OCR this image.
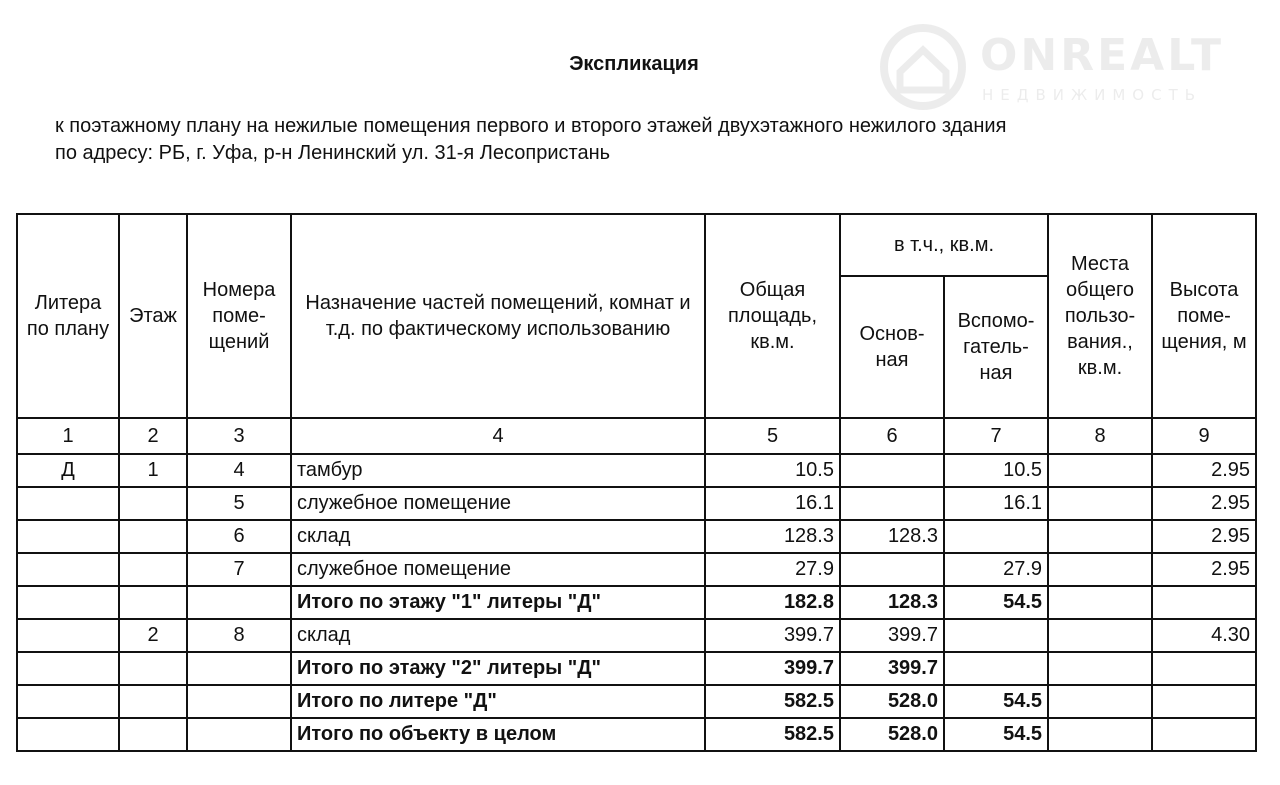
ONREALT
НЕДВИЖИМОСТЬ
Экспликация

к поэтажному плану на нежилые помещения первого и второго этажей двухэтажного нежилого здания

по адресу: РБ, г. Уфа, р-н Ленинский ул. 31-я Лесопристань

Литера по плану	Этаж	Номера поме-щений	Назначение частей помещений, комнат и т.д. по фактическому использованию	Общая площадь, кв.м.	в т.ч., кв.м.		Места общего пользо-вания., кв.м.	Высота поме-щения, м
					Основ-ная	Вспомо-гатель-ная		
1	2	3	4	5	6	7	8	9
Д	1	4	тамбур	10.5		10.5		2.95
		5	служебное помещение	16.1		16.1		2.95
		6	склад	128.3	128.3			2.95
		7	служебное помещение	27.9		27.9		2.95
			Итого по этажу "1" литеры "Д"	182.8	128.3	54.5		
	2	8	склад	399.7	399.7			4.30
			Итого по этажу "2" литеры "Д"	399.7	399.7			
			Итого по литере "Д"	582.5	528.0	54.5		
			Итого по объекту в целом	582.5	528.0	54.5		
